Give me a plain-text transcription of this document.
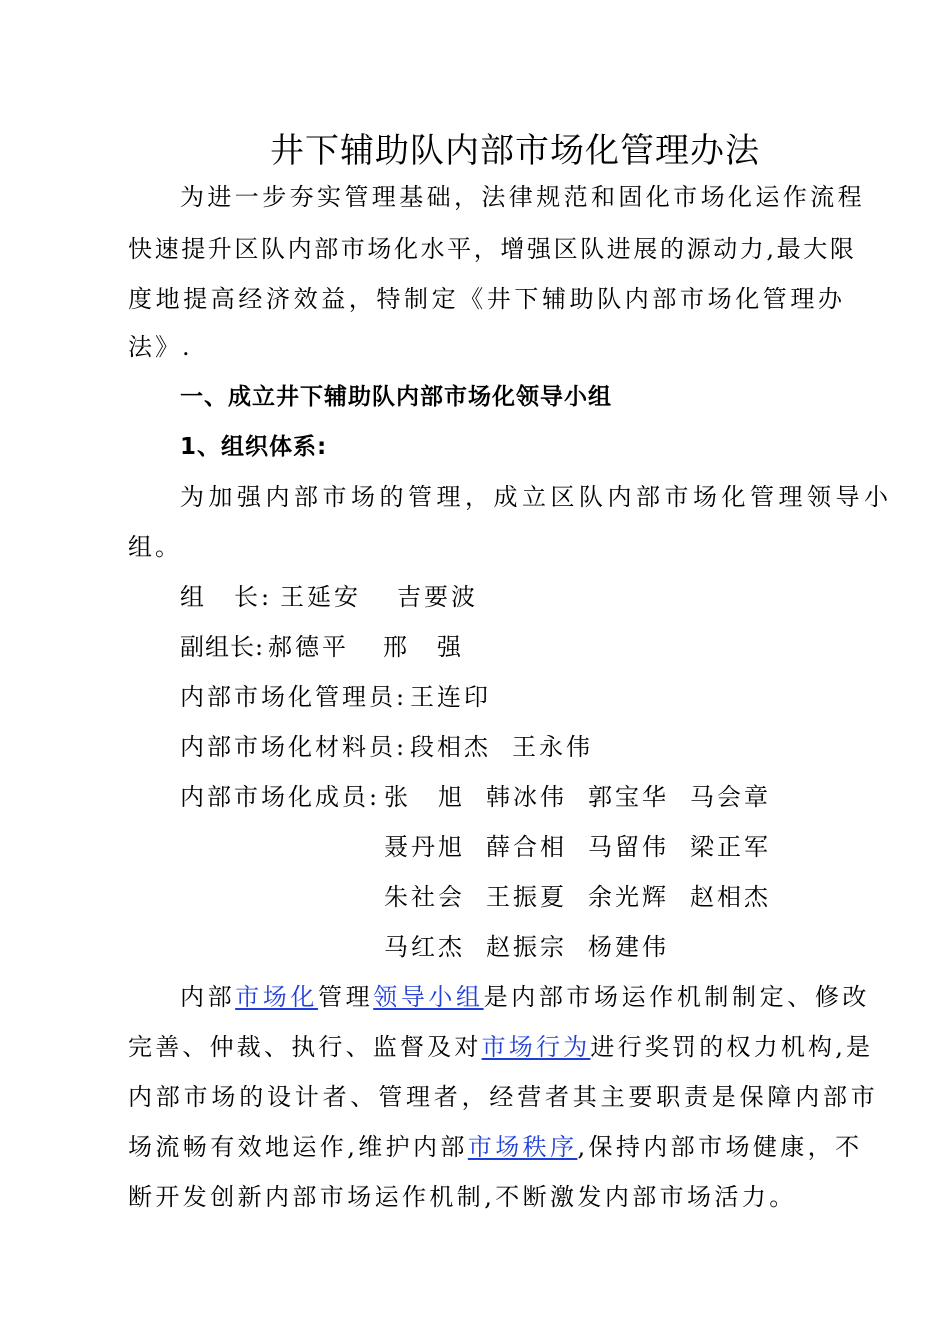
井下辅助队内部市场化管理办法
为进一步夯实管理基础，法律规范和固化市场化运作流程
快速提升区队内部市场化水平，增强区队进展的源动力,最大限
度地提高经济效益，特制定《井下辅助队内部市场化管理办
法》.
一、成立井下辅助队内部市场化领导小组
1、组织体系:
为加强内部市场的管理，成立区队内部市场化管理领导小
组。
组　长: 王延安 吉要波
副组长: 郝德平 邢　强
内部市场化管理员: 王连印
内部市场化材料员: 段相杰 王永伟
内部市场化成员: 张　旭 韩冰伟 郭宝华 马会章
聂丹旭 薛合相 马留伟 梁正军
朱社会 王振夏 余光辉 赵相杰
马红杰 赵振宗 杨建伟
内部市场化管理领导小组是内部市场运作机制制定、修改
完善、仲裁、执行、监督及对市场行为进行奖罚的权力机构,是
内部市场的设计者、管理者，经营者其主要职责是保障内部市
场流畅有效地运作,维护内部市场秩序,保持内部市场健康，不
断开发创新内部市场运作机制,不断激发内部市场活力。
